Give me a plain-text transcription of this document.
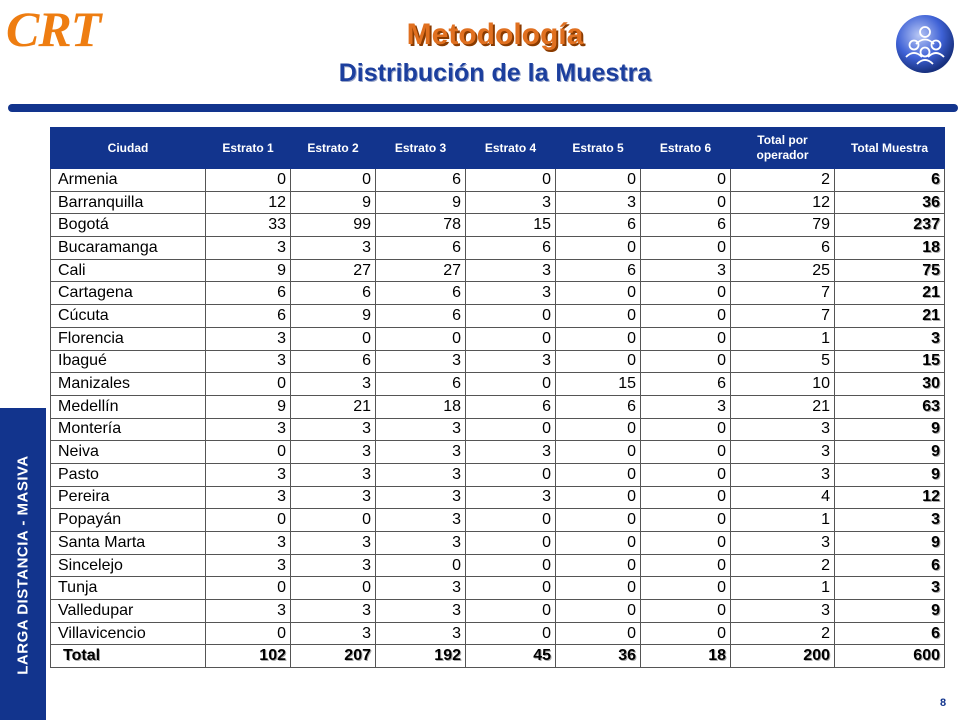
CRT	Metodología
Distribución de la Muestra
LARGA DISTANCIA - MASIVA
Ciudad	Estrato 1	Estrato 2	Estrato 3	Estrato 4	Estrato 5	Estrato 6	Total por operador	Total Muestra
Armenia	0	0	6	0	0	0	2	6
Barranquilla	12	9	9	3	3	0	12	36
Bogotá	33	99	78	15	6	6	79	237
Bucaramanga	3	3	6	6	0	0	6	18
Cali	9	27	27	3	6	3	25	75
Cartagena	6	6	6	3	0	0	7	21
Cúcuta	6	9	6	0	0	0	7	21
Florencia	3	0	0	0	0	0	1	3
Ibagué	3	6	3	3	0	0	5	15
Manizales	0	3	6	0	15	6	10	30
Medellín	9	21	18	6	6	3	21	63
Montería	3	3	3	0	0	0	3	9
Neiva	0	3	3	3	0	0	3	9
Pasto	3	3	3	0	0	0	3	9
Pereira	3	3	3	3	0	0	4	12
Popayán	0	0	3	0	0	0	1	3
Santa Marta	3	3	3	0	0	0	3	9
Sincelejo	3	3	0	0	0	0	2	6
Tunja	0	0	3	0	0	0	1	3
Valledupar	3	3	3	0	0	0	3	9
Villavicencio	0	3	3	0	0	0	2	6
Total	102	207	192	45	36	18	200	600
8
